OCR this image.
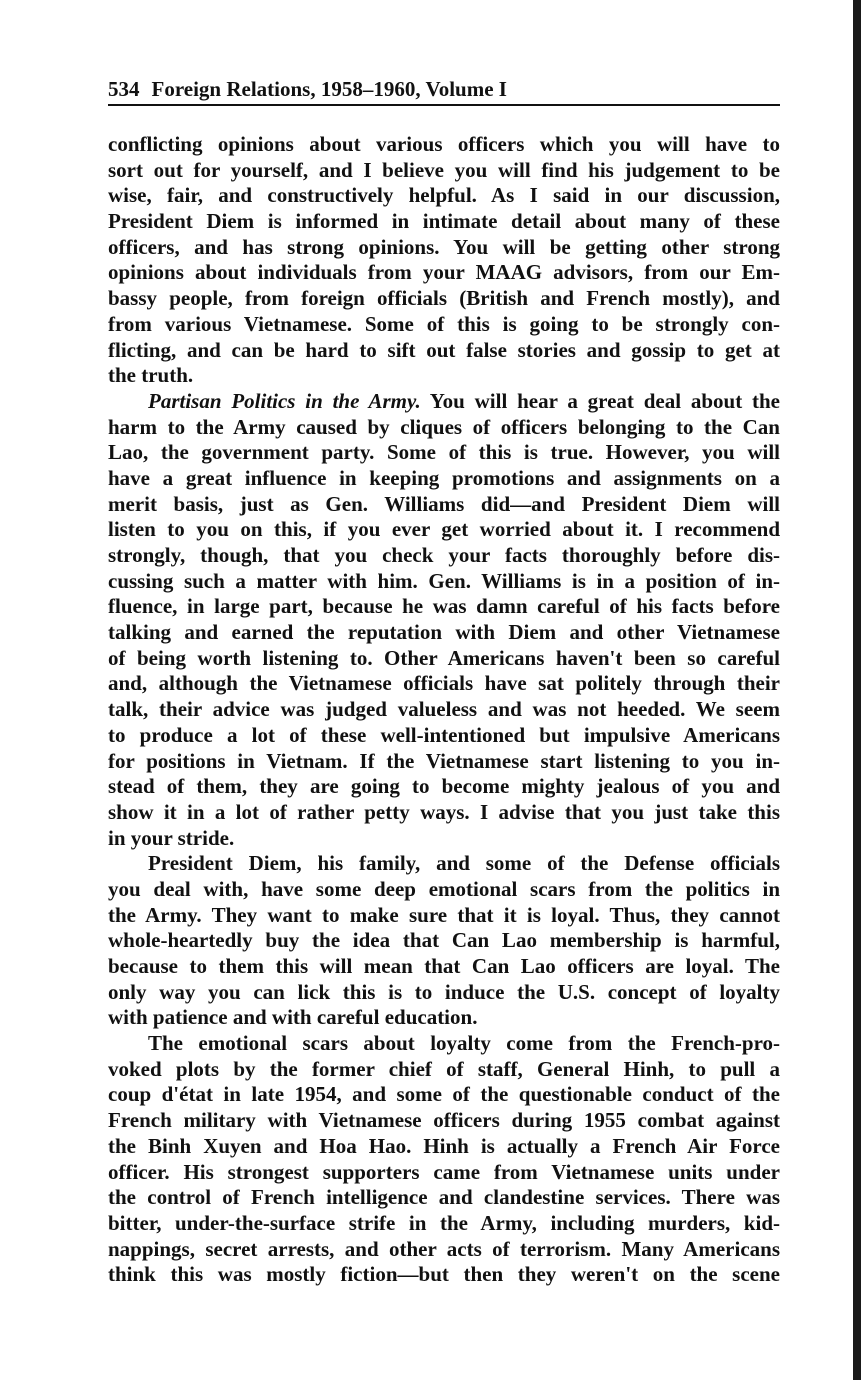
534 Foreign Relations, 1958–1960, Volume I
conflicting opinions about various officers which you will have to
sort out for yourself, and I believe you will find his judgement to be
wise, fair, and constructively helpful. As I said in our discussion,
President Diem is informed in intimate detail about many of these
officers, and has strong opinions. You will be getting other strong
opinions about individuals from your MAAG advisors, from our Em-
bassy people, from foreign officials (British and French mostly), and
from various Vietnamese. Some of this is going to be strongly con-
flicting, and can be hard to sift out false stories and gossip to get at
the truth.
Partisan Politics in the Army. You will hear a great deal about the
harm to the Army caused by cliques of officers belonging to the Can
Lao, the government party. Some of this is true. However, you will
have a great influence in keeping promotions and assignments on a
merit basis, just as Gen. Williams did—and President Diem will
listen to you on this, if you ever get worried about it. I recommend
strongly, though, that you check your facts thoroughly before dis-
cussing such a matter with him. Gen. Williams is in a position of in-
fluence, in large part, because he was damn careful of his facts before
talking and earned the reputation with Diem and other Vietnamese
of being worth listening to. Other Americans haven't been so careful
and, although the Vietnamese officials have sat politely through their
talk, their advice was judged valueless and was not heeded. We seem
to produce a lot of these well-intentioned but impulsive Americans
for positions in Vietnam. If the Vietnamese start listening to you in-
stead of them, they are going to become mighty jealous of you and
show it in a lot of rather petty ways. I advise that you just take this
in your stride.
President Diem, his family, and some of the Defense officials
you deal with, have some deep emotional scars from the politics in
the Army. They want to make sure that it is loyal. Thus, they cannot
whole-heartedly buy the idea that Can Lao membership is harmful,
because to them this will mean that Can Lao officers are loyal. The
only way you can lick this is to induce the U.S. concept of loyalty
with patience and with careful education.
The emotional scars about loyalty come from the French-pro-
voked plots by the former chief of staff, General Hinh, to pull a
coup d'état in late 1954, and some of the questionable conduct of the
French military with Vietnamese officers during 1955 combat against
the Binh Xuyen and Hoa Hao. Hinh is actually a French Air Force
officer. His strongest supporters came from Vietnamese units under
the control of French intelligence and clandestine services. There was
bitter, under-the-surface strife in the Army, including murders, kid-
nappings, secret arrests, and other acts of terrorism. Many Americans
think this was mostly fiction—but then they weren't on the scene
